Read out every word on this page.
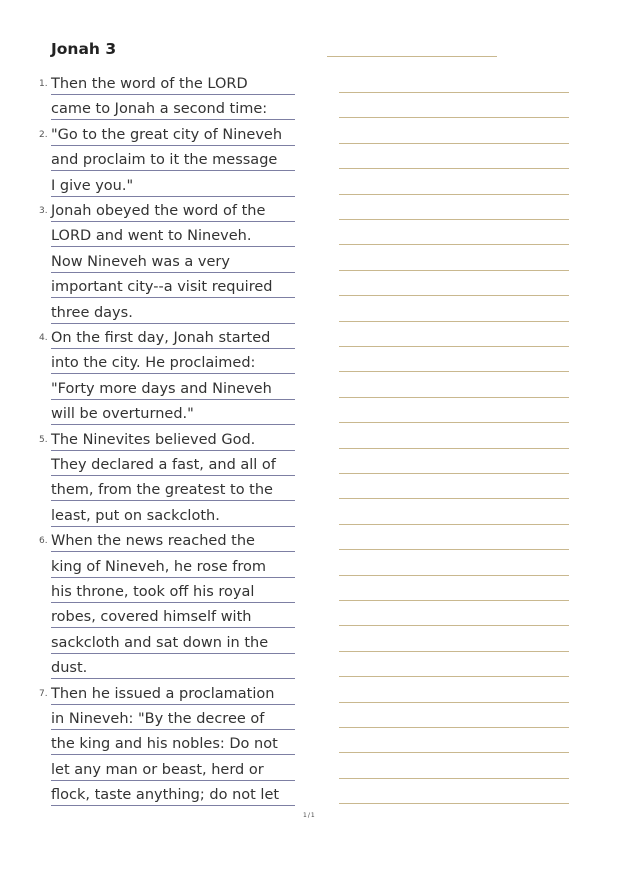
Jonah 3
1. Then the word of the LORD
came to Jonah a second time:
2. "Go to the great city of Nineveh
and proclaim to it the message
I give you."
3. Jonah obeyed the word of the
LORD and went to Nineveh.
Now Nineveh was a very
important city--a visit required
three days.
4. On the first day, Jonah started
into the city. He proclaimed:
"Forty more days and Nineveh
will be overturned."
5. The Ninevites believed God.
They declared a fast, and all of
them, from the greatest to the
least, put on sackcloth.
6. When the news reached the
king of Nineveh, he rose from
his throne, took off his royal
robes, covered himself with
sackcloth and sat down in the
dust.
7. Then he issued a proclamation
in Nineveh: "By the decree of
the king and his nobles: Do not
let any man or beast, herd or
flock, taste anything; do not let
1/1
